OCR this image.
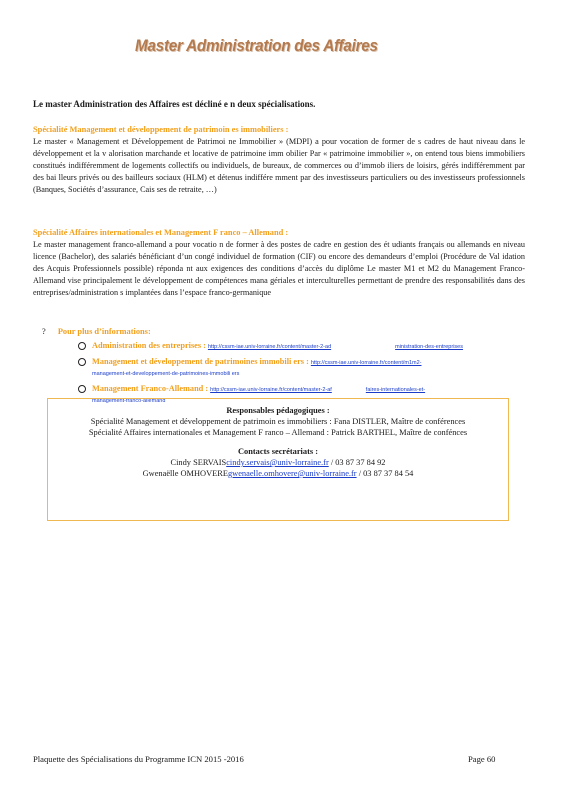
Master Administration des Affaires
Le master Administration des Affaires est décliné e n deux spécialisations.
Spécialité Management et développement de patrimoin es immobiliers :
Le master « Management et Développement de Patrimoi ne Immobilier » (MDPI) a pour vocation de former de s cadres de haut niveau dans le développement et la v alorisation marchande et locative de patrimoine imm obilier Par « patrimoine immobilier », on entend tous biens immobiliers constitués indifféremment de logements collectifs ou individuels, de bureaux, de commerces ou d’immob iliers de loisirs, gérés indifféremment par des bai lleurs privés ou des bailleurs sociaux (HLM) et détenus indiffére mment par des investisseurs particuliers ou des investisseurs professionnels (Banques, Sociétés d’assurance, Cais ses de retraite, …)
Spécialité Affaires internationales et Management F ranco – Allemand :
Le master management franco-allemand a pour vocatio n de former à des postes de cadre en gestion des ét udiants français ou allemands en niveau licence (Bachelor), des salariés bénéficiant d’un congé individuel de formation (CIF) ou encore des demandeurs d’emploi (Procédure de Val idation des Acquis Professionnels possible) réponda nt aux exigences des conditions d’accès du diplôme Le master M1 et M2 du Management Franco-Allemand vise principalement le développement de compétences mana gériales et interculturelles permettant de prendre des responsabilités dans des entreprises/administration s implantées dans l’espace franco-germanique
? Pour plus d’informations:
Administration des entreprises : http://cssm-iae.univ-lorraine.fr/content/master-2-ad	ministration-des-entreprises
Management et développement de patrimoines immobili ers : http://cssm-iae.univ-lorraine.fr/content/m1m2-
management-et-developpement-de-patrimoines-immobili ers
Management Franco-Allemand : http://cssm-iae.univ-lorraine.fr/content/master-2-af	faires-internationales-et-
management-franco-allemand
Responsables pédagogiques :
Spécialité Management et développement de patrimoin es immobiliers : Fana DISTLER, Maître de conférences
Spécialité Affaires internationales et Management F ranco – Allemand : Patrick BARTHEL, Maître de confénces
Contacts secrétariats :
Cindy SERVAIScindy.servais@univ-lorraine.fr / 03 87 37 84 92
Gwenaëlle OMHOVEREgwenaelle.omhovere@univ-lorraine.fr / 03 87 37 84 54
Plaquette des Spécialisations du Programme ICN 2015 -2016	Page 60
